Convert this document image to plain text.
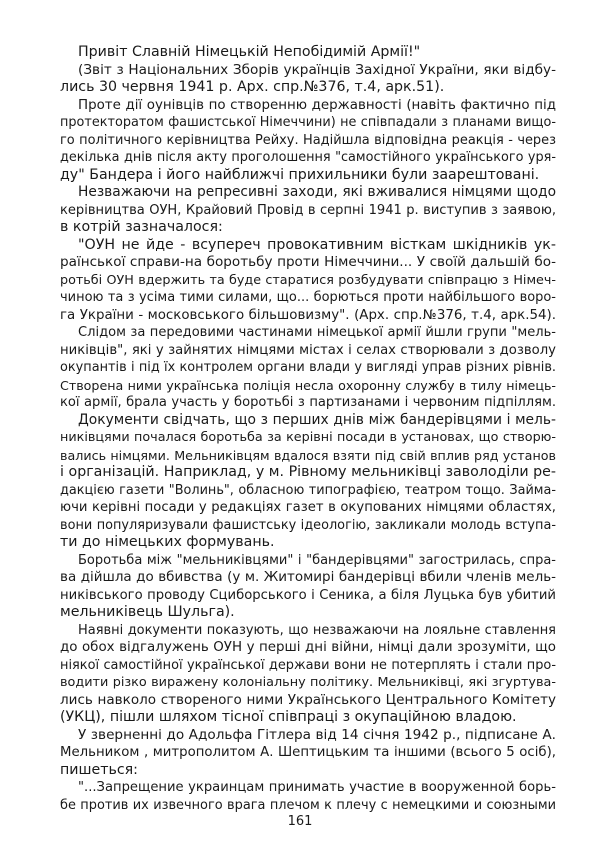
Привіт Славній Німецькій Непобідимій Армії!"
(Звіт з Національних Зборів українців Західної України, яки відбу-
лись 30 червня 1941 р. Арх. спр.№376, т.4, арк.51).
Проте дії оунівців по створенню державності (навіть фактично під
протекторатом фашистської Німеччини) не співпадали з планами вищо-
го політичного керівництва Рейху. Надійшла відповідна реакція - через
декілька днів після акту проголошення "самостійного українського уря-
ду" Бандера і його найближчі прихильники були заарештовані.
Незважаючи на репресивні заходи, які вживалися німцями щодо
керівництва ОУН, Крайовий Провід в серпні 1941 р. виступив з заявою,
в котрій зазначалося:
"ОУН не йде - всупереч провокативним вісткам шкідників ук-
раїнської справи-на боротьбу проти Німеччини... У своїй дальшій бо-
ротьбі ОУН вдержить та буде старатися розбудувати співпрацю з Німеч-
чиною та з усіма тими силами, що... борються проти найбільшого воро-
га України - московського більшовизму". (Арх. спр.№376, т.4, арк.54).
Слідом за передовими частинами німецької армії йшли групи "мель-
никівців", які у зайнятих німцями містах і селах створювали з дозволу
окупантів і під їх контролем органи влади у вигляді управ різних рівнів.
Створена ними українська поліція несла охоронну службу в тилу німець-
кої армії, брала участь у боротьбі з партизанами і червоним підпіллям.
Документи свідчать, що з перших днів між бандерівцями і мель-
никівцями почалася боротьба за керівні посади в установах, що створю-
вались німцями. Мельниківцям вдалося взяти під свій вплив ряд установ
і організацій. Наприклад, у м. Рівному мельниківці заволоділи ре-
дакцією газети "Волинь", обласною типографією, театром тощо. Займа-
ючи керівні посади у редакціях газет в окупованих німцями областях,
вони популяризували фашистську ідеологію, закликали молодь вступа-
ти до німецьких формувань.
Боротьба між "мельниківцями" і "бандерівцями" загострилась, спра-
ва дійшла до вбивства (у м. Житомирі бандерівці вбили членів мель-
никівського проводу Сциборського і Сеника, а біля Луцька був убитий
мельниківець Шульга).
Наявні документи показують, що незважаючи на лояльне ставлення
до обох відгалужень ОУН у перші дні війни, німці дали зрозуміти, що
ніякої самостійної української держави вони не потерплять і стали про-
водити різко виражену колоніальну політику. Мельниківці, які згуртува-
лись навколо створеного ними Українського Центрального Комітету
(УКЦ), пішли шляхом тісної співпраці з окупаційною владою.
У зверненні до Адольфа Гітлера від 14 січня 1942 р., підписане А.
Мельником , митрополитом А. Шептицьким та іншими (всього 5 осіб),
пишеться:
"...Запрещение украинцам принимать участие в вооруженной борь-
бе против их извечного врага плечом к плечу с немецкими и союзными
161
